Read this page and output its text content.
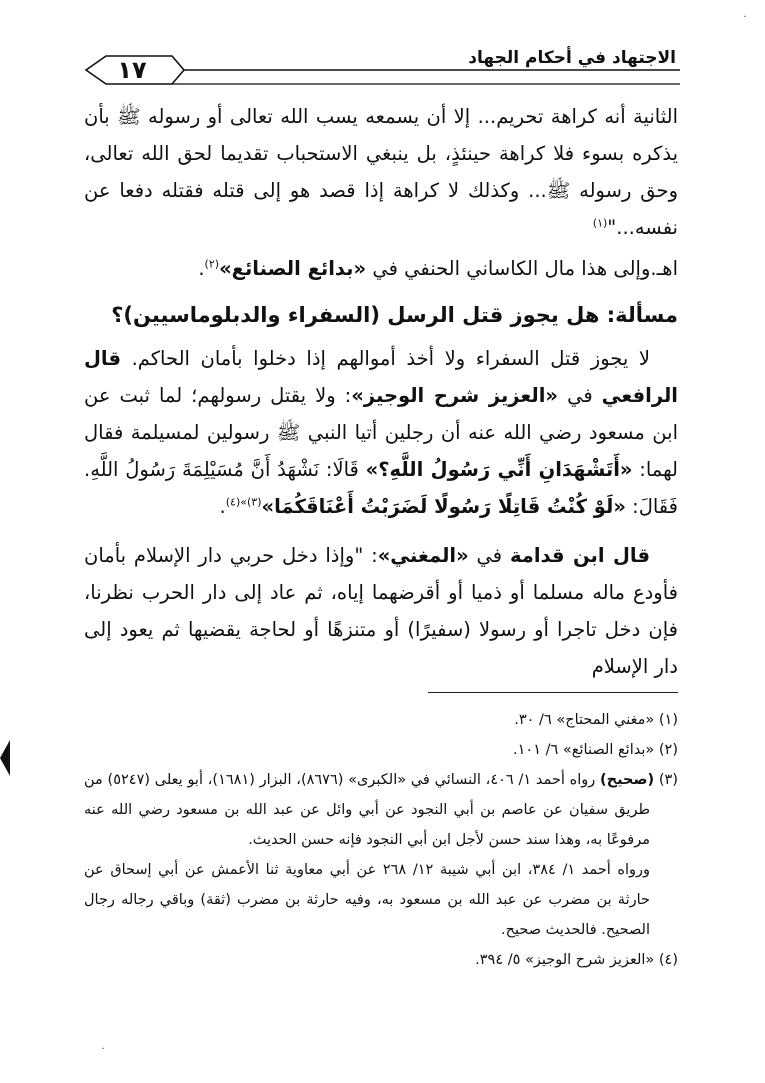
١٧	الاجتهاد في أحكام الجهاد

الثانية أنه كراهة تحريم... إلا أن يسمعه يسب الله تعالى أو رسوله ﷺ بأن يذكره بسوء فلا كراهة حينئذٍ، بل ينبغي الاستحباب تقديما لحق الله تعالى، وحق رسوله ﷺ... وكذلك لا كراهة إذا قصد هو إلى قتله فقتله دفعا عن نفسه..."$^{(١)}$

اهـ.وإلى هذا مال الكاساني الحنفي في «بدائع الصنائع»$^{(٢)}$.

مسألة: هل يجوز قتل الرسل (السفراء والدبلوماسيين)؟

لا يجوز قتل السفراء ولا أخذ أموالهم إذا دخلوا بأمان الحاكم. قال الرافعي في «العزيز شرح الوجيز»: ولا يقتل رسولهم؛ لما ثبت عن ابن مسعود رضي الله عنه أن رجلين أتيا النبي ﷺ رسولين لمسيلمة فقال لهما: «أَتَشْهَدَانِ أَنِّي رَسُولُ اللَّهِ؟» قَالَا: نَشْهَدُ أَنَّ مُسَيْلِمَةَ رَسُولُ اللَّهِ. فَقَالَ: «لَوْ كُنْتُ قَاتِلًا رَسُولًا لَضَرَبْتُ أَعْنَاقَكُمَا»$^{(٣)»(٤)}$.

قال ابن قدامة في «المغني»: "وإذا دخل حربي دار الإسلام بأمان فأودع ماله مسلما أو ذميا أو أقرضهما إياه، ثم عاد إلى دار الحرب نظرنا، فإن دخل تاجرا أو رسولا (سفيرًا) أو متنزهًا أو لحاجة يقضيها ثم يعود إلى دار الإسلام

(١) «مغني المحتاج» ٦/ ٣٠.

(٢) «بدائع الصنائع» ٦/ ١٠١.

(٣) (صحيح) رواه أحمد ١/ ٤٠٦، النسائي في «الكبرى» (٨٦٧٦)، البزار (١٦٨١)، أبو يعلى (٥٢٤٧) من طريق سفيان عن عاصم بن أبي النجود عن أبي وائل عن عبد الله بن مسعود رضي الله عنه مرفوعًا به، وهذا سند حسن لأجل ابن أبي النجود فإنه حسن الحديث.

ورواه أحمد ١/ ٣٨٤، ابن أبي شيبة ١٢/ ٢٦٨ عن أبي معاوية ثنا الأعمش عن أبي إسحاق عن حارثة بن مضرب عن عبد الله بن مسعود به، وفيه حارثة بن مضرب (ثقة) وباقي رجاله رجال الصحيح. فالحديث صحيح.

(٤) «العزيز شرح الوجيز» ٥/ ٣٩٤.

˙
˙
